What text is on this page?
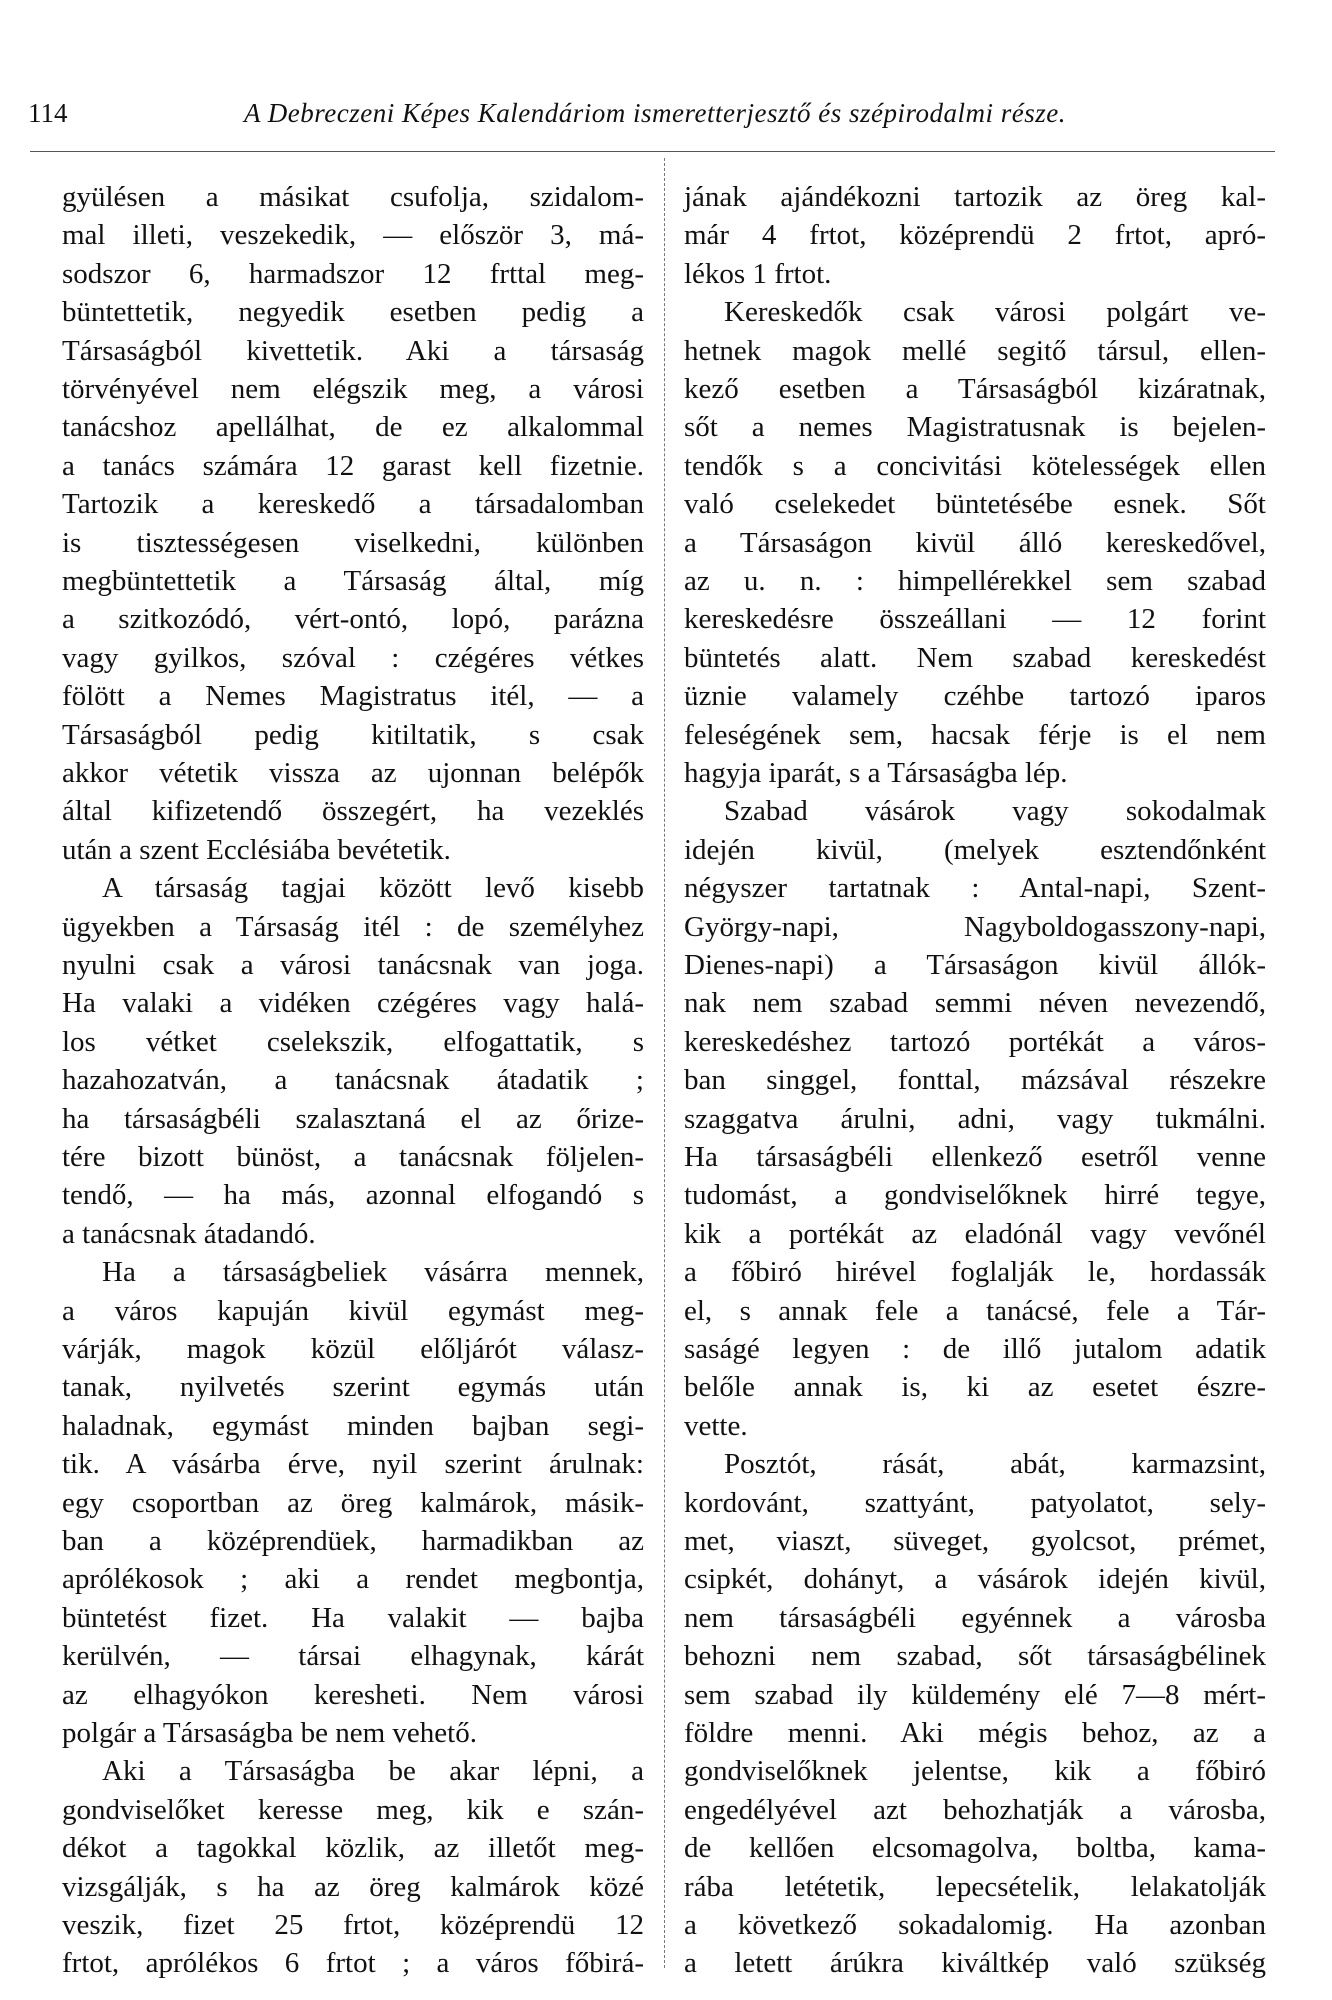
114	A Debreczeni Képes Kalendáriom ismeretterjesztő és szépirodalmi része.
gyülésen a másikat csufolja, szidalom-
mal illeti, veszekedik, — először 3, má-
sodszor 6, harmadszor 12 frttal meg-
büntettetik, negyedik esetben pedig a
Társaságból kivettetik. Aki a társaság
törvényével nem elégszik meg, a városi
tanácshoz apellálhat, de ez alkalommal
a tanács számára 12 garast kell fizetnie.
Tartozik a kereskedő a társadalomban
is tisztességesen viselkedni, különben
megbüntettetik a Társaság által, míg
a szitkozódó, vért-ontó, lopó, parázna
vagy gyilkos, szóval : czégéres vétkes
fölött a Nemes Magistratus itél, — a
Társaságból pedig kitiltatik, s csak
akkor vétetik vissza az ujonnan belépők
által kifizetendő összegért, ha vezeklés
után a szent Ecclésiába bevétetik.
A társaság tagjai között levő kisebb
ügyekben a Társaság itél : de személyhez
nyulni csak a városi tanácsnak van joga.
Ha valaki a vidéken czégéres vagy halá-
los vétket cselekszik, elfogattatik, s
hazahozatván, a tanácsnak átadatik ;
ha társaságbéli szalasztaná el az őrize-
tére bizott bünöst, a tanácsnak följelen-
tendő, — ha más, azonnal elfogandó s
a tanácsnak átadandó.
Ha a társaságbeliek vásárra mennek,
a város kapuján kivül egymást meg-
várják, magok közül előljárót válasz-
tanak, nyilvetés szerint egymás után
haladnak, egymást minden bajban segi-
tik. A vásárba érve, nyil szerint árulnak:
egy csoportban az öreg kalmárok, másik-
ban a középrendüek, harmadikban az
aprólékosok ; aki a rendet megbontja,
büntetést fizet. Ha valakit — bajba
kerülvén, — társai elhagynak, kárát
az elhagyókon keresheti. Nem városi
polgár a Társaságba be nem vehető.
Aki a Társaságba be akar lépni, a
gondviselőket keresse meg, kik e szán-
dékot a tagokkal közlik, az illetőt meg-
vizsgálják, s ha az öreg kalmárok közé
veszik, fizet 25 frtot, középrendü 12
frtot, aprólékos 6 frtot ; a város főbirá-
jának ajándékozni tartozik az öreg kal-
már 4 frtot, középrendü 2 frtot, apró-
lékos 1 frtot.
Kereskedők csak városi polgárt ve-
hetnek magok mellé segitő társul, ellen-
kező esetben a Társaságból kizáratnak,
sőt a nemes Magistratusnak is bejelen-
tendők s a concivitási kötelességek ellen
való cselekedet büntetésébe esnek. Sőt
a Társaságon kivül álló kereskedővel,
az u. n. : himpellérekkel sem szabad
kereskedésre összeállani — 12 forint
büntetés alatt. Nem szabad kereskedést
üznie valamely czéhbe tartozó iparos
feleségének sem, hacsak férje is el nem
hagyja iparát, s a Társaságba lép.
Szabad vásárok vagy sokodalmak
idején kivül, (melyek esztendőnként
négyszer tartatnak : Antal-napi, Szent-
György-napi, Nagyboldogasszony-napi,
Dienes-napi) a Társaságon kivül állók-
nak nem szabad semmi néven nevezendő,
kereskedéshez tartozó portékát a város-
ban singgel, fonttal, mázsával részekre
szaggatva árulni, adni, vagy tukmálni.
Ha társaságbéli ellenkező esetről venne
tudomást, a gondviselőknek hirré tegye,
kik a portékát az eladónál vagy vevőnél
a főbiró hirével foglalják le, hordassák
el, s annak fele a tanácsé, fele a Tár-
saságé legyen : de illő jutalom adatik
belőle annak is, ki az esetet észre-
vette.
Posztót, rását, abát, karmazsint,
kordovánt, szattyánt, patyolatot, sely-
met, viaszt, süveget, gyolcsot, prémet,
csipkét, dohányt, a vásárok idején kivül,
nem társaságbéli egyénnek a városba
behozni nem szabad, sőt társaságbélinek
sem szabad ily küldemény elé 7—8 mért-
földre menni. Aki mégis behoz, az a
gondviselőknek jelentse, kik a főbiró
engedélyével azt behozhatják a városba,
de kellően elcsomagolva, boltba, kama-
rába letétetik, lepecsételik, lelakatolják
a következő sokadalomig. Ha azonban
a letett árúkra kiváltkép való szükség
